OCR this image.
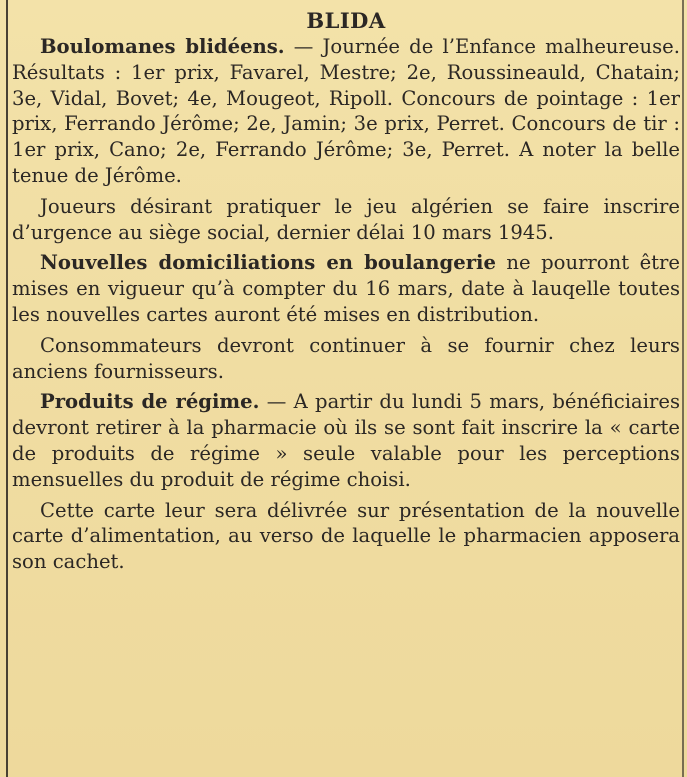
BLIDA

Boulomanes blidéens. — Journée de l’Enfance malheureuse. Résultats : 1er prix, Favarel, Mestre; 2e, Roussineauld, Chatain; 3e, Vidal, Bovet; 4e, Mougeot, Ripoll. Concours de pointage : 1er prix, Ferrando Jérôme; 2e, Jamin; 3e prix, Perret. Concours de tir : 1er prix, Cano; 2e, Ferrando Jérôme; 3e, Perret. A noter la belle tenue de Jérôme.

Joueurs désirant pratiquer le jeu algérien se faire inscrire d’urgence au siège social, dernier délai 10 mars 1945.

Nouvelles domiciliations en boulangerie ne pourront être mises en vigueur qu’à compter du 16 mars, date à lauqelle toutes les nouvelles cartes auront été mises en distribution.

Consommateurs devront continuer à se fournir chez leurs anciens fournisseurs.

Produits de régime. — A partir du lundi 5 mars, bénéficiaires devront retirer à la pharmacie où ils se sont fait inscrire la « carte de produits de régime » seule valable pour les perceptions mensuelles du produit de régime choisi.

Cette carte leur sera délivrée sur présentation de la nouvelle carte d’alimentation, au verso de laquelle le pharmacien apposera son cachet.
